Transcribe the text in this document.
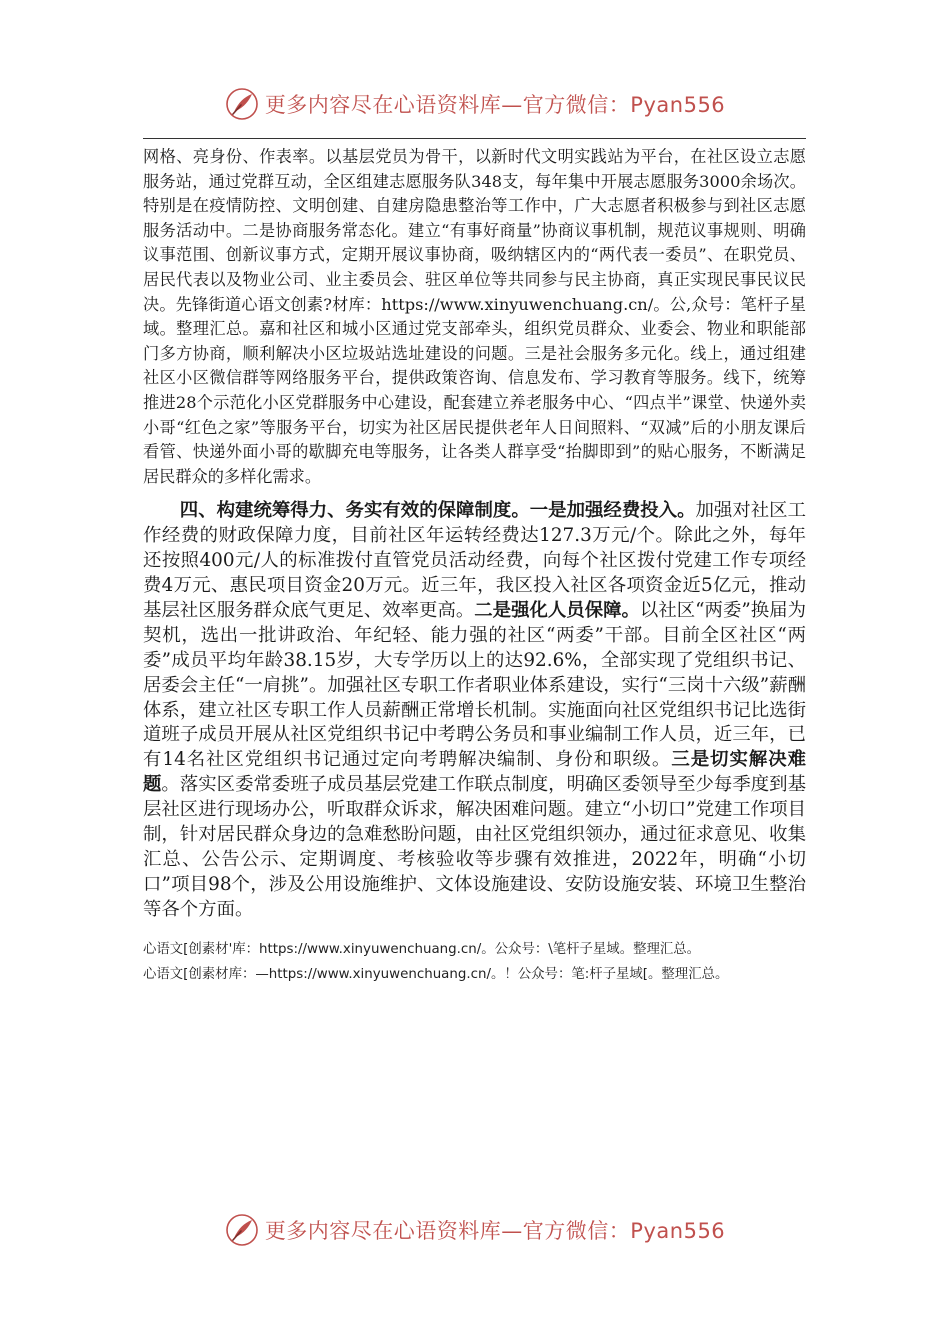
更多内容尽在心语资料库—官方微信：Pyan556

网格、亮身份、作表率。以基层党员为骨干，以新时代文明实践站为平台，在社区设立志愿服务站，通过党群互动，全区组建志愿服务队348支，每年集中开展志愿服务3000余场次。特别是在疫情防控、文明创建、自建房隐患整治等工作中，广大志愿者积极参与到社区志愿服务活动中。二是协商服务常态化。建立“有事好商量”协商议事机制，规范议事规则、明确议事范围、创新议事方式，定期开展议事协商，吸纳辖区内的“两代表一委员”、在职党员、居民代表以及物业公司、业主委员会、驻区单位等共同参与民主协商，真正实现民事民议民决。先锋街道心语文创素?材库：https://www.xinyuwenchuang.cn/。公,众号：笔杆子星域。整理汇总。嘉和社区和城小区通过党支部牵头，组织党员群众、业委会、物业和职能部门多方协商，顺利解决小区垃圾站选址建设的问题。三是社会服务多元化。线上，通过组建社区小区微信群等网络服务平台，提供政策咨询、信息发布、学习教育等服务。线下，统筹推进28个示范化小区党群服务中心建设，配套建立养老服务中心、“四点半”课堂、快递外卖小哥“红色之家”等服务平台，切实为社区居民提供老年人日间照料、“双减”后的小朋友课后看管、快递外面小哥的歇脚充电等服务，让各类人群享受“抬脚即到”的贴心服务，不断满足居民群众的多样化需求。

四、构建统筹得力、务实有效的保障制度。一是加强经费投入。加强对社区工作经费的财政保障力度，目前社区年运转经费达127.3万元/个。除此之外，每年还按照400元/人的标准拨付直管党员活动经费，向每个社区拨付党建工作专项经费4万元、惠民项目资金20万元。近三年，我区投入社区各项资金近5亿元，推动基层社区服务群众底气更足、效率更高。二是强化人员保障。以社区“两委”换届为契机，选出一批讲政治、年纪轻、能力强的社区“两委”干部。目前全区社区“两委”成员平均年龄38.15岁，大专学历以上的达92.6%，全部实现了党组织书记、居委会主任“一肩挑”。加强社区专职工作者职业体系建设，实行“三岗十六级”薪酬体系，建立社区专职工作人员薪酬正常增长机制。实施面向社区党组织书记比选街道班子成员开展从社区党组织书记中考聘公务员和事业编制工作人员，近三年，已有14名社区党组织书记通过定向考聘解决编制、身份和职级。三是切实解决难题。落实区委常委班子成员基层党建工作联点制度，明确区委领导至少每季度到基层社区进行现场办公，听取群众诉求，解决困难问题。建立“小切口”党建工作项目制，针对居民群众身边的急难愁盼问题，由社区党组织领办，通过征求意见、收集汇总、公告公示、定期调度、考核验收等步骤有效推进，2022年，明确“小切口”项目98个，涉及公用设施维护、文体设施建设、安防设施安装、环境卫生整治等各个方面。

心语文[创素材'库：https://www.xinyuwenchuang.cn/。公众号：\笔杆子星域。整理汇总。

心语文[创素材库：—https://www.xinyuwenchuang.cn/。！公众号：笔:杆子星域[。整理汇总。

更多内容尽在心语资料库—官方微信：Pyan556
